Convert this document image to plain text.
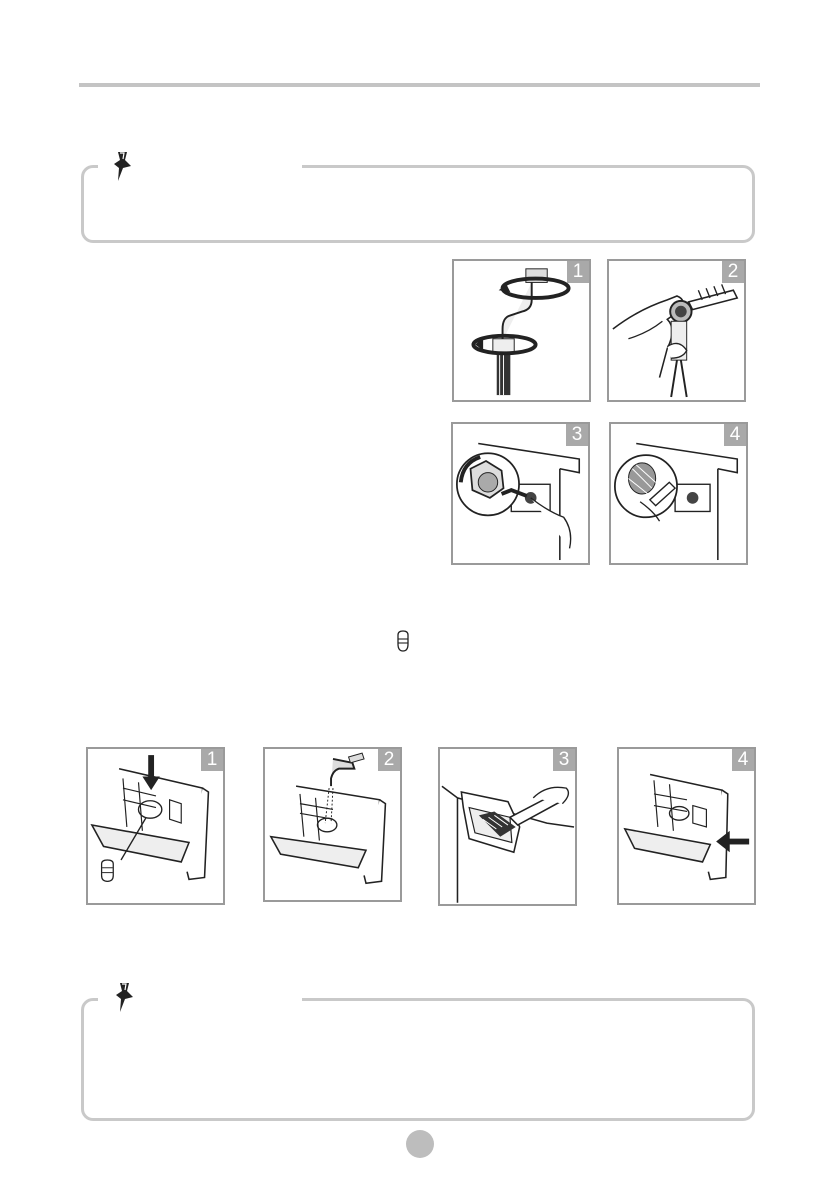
1	2
3	4
1	2	3	4
